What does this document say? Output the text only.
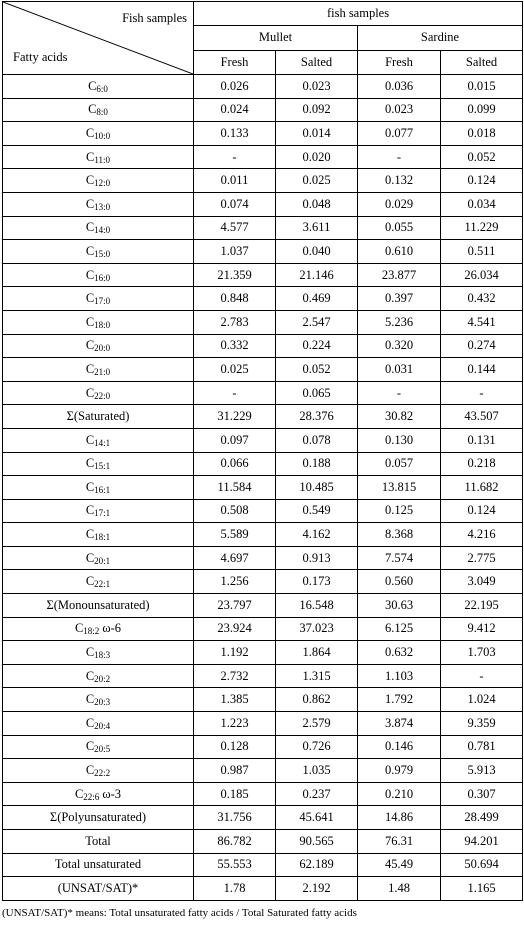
Fish samples
Fatty acids	fish samples			
	Mullet		Sardine	
	Fresh	Salted	Fresh	Salted
$C_{6:0}$	0.026	0.023	0.036	0.015
$C_{8:0}$	0.024	0.092	0.023	0.099
$C_{10:0}$	0.133	0.014	0.077	0.018
$C_{11:0}$	-	0.020	-	0.052
$C_{12:0}$	0.011	0.025	0.132	0.124
$C_{13:0}$	0.074	0.048	0.029	0.034
$C_{14:0}$	4.577	3.611	0.055	11.229
$C_{15:0}$	1.037	0.040	0.610	0.511
$C_{16:0}$	21.359	21.146	23.877	26.034
$C_{17:0}$	0.848	0.469	0.397	0.432
$C_{18:0}$	2.783	2.547	5.236	4.541
$C_{20:0}$	0.332	0.224	0.320	0.274
$C_{21:0}$	0.025	0.052	0.031	0.144
$C_{22:0}$	-	0.065	-	-
Σ(Saturated)	31.229	28.376	30.82	43.507
$C_{14:1}$	0.097	0.078	0.130	0.131
$C_{15:1}$	0.066	0.188	0.057	0.218
$C_{16:1}$	11.584	10.485	13.815	11.682
$C_{17:1}$	0.508	0.549	0.125	0.124
$C_{18:1}$	5.589	4.162	8.368	4.216
$C_{20:1}$	4.697	0.913	7.574	2.775
$C_{22:1}$	1.256	0.173	0.560	3.049
Σ(Monounsaturated)	23.797	16.548	30.63	22.195
$C_{18:2}$ ω-6	23.924	37.023	6.125	9.412
$C_{18:3}$	1.192	1.864	0.632	1.703
$C_{20:2}$	2.732	1.315	1.103	-
$C_{20:3}$	1.385	0.862	1.792	1.024
$C_{20:4}$	1.223	2.579	3.874	9.359
$C_{20:5}$	0.128	0.726	0.146	0.781
$C_{22:2}$	0.987	1.035	0.979	5.913
$C_{22:6}$ ω-3	0.185	0.237	0.210	0.307
Σ(Polyunsaturated)	31.756	45.641	14.86	28.499
Total	86.782	90.565	76.31	94.201
Total unsaturated	55.553	62.189	45.49	50.694
(UNSAT/SAT)*	1.78	2.192	1.48	1.165
(UNSAT/SAT)* means: Total unsaturated fatty acids / Total Saturated fatty acids
